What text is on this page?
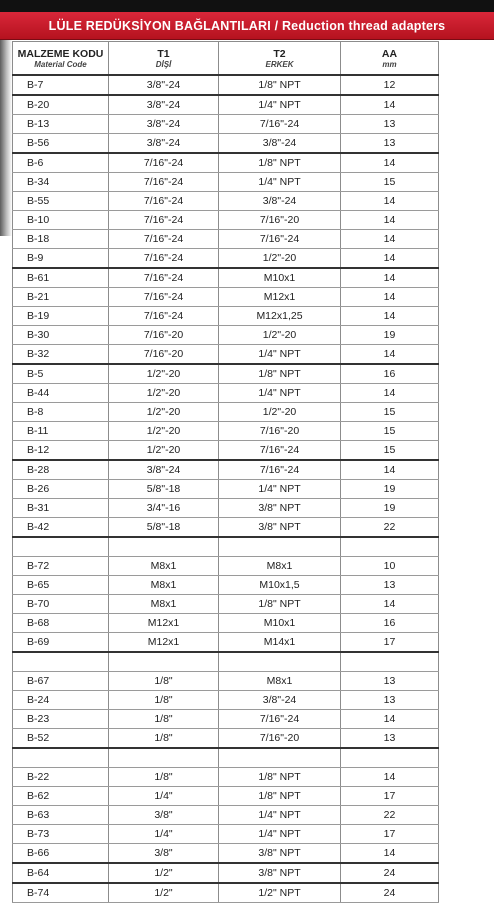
LÜLE REDÜKSİYON BAĞLANTILARI / Reduction thread adapters
MALZEME KODU	T1	T2	AA
Material Code	DİŞİ	ERKEK	mm
B-7	3/8"-24	1/8" NPT	12
B-20	3/8"-24	1/4" NPT	14
B-13	3/8"-24	7/16"-24	13
B-56	3/8"-24	3/8"-24	13
B-6	7/16"-24	1/8" NPT	14
B-34	7/16"-24	1/4" NPT	15
B-55	7/16"-24	3/8"-24	14
B-10	7/16"-24	7/16"-20	14
B-18	7/16"-24	7/16"-24	14
B-9	7/16"-24	1/2"-20	14
B-61	7/16"-24	M10x1	14
B-21	7/16"-24	M12x1	14
B-19	7/16"-24	M12x1,25	14
B-30	7/16"-20	1/2"-20	19
B-32	7/16"-20	1/4" NPT	14
B-5	1/2"-20	1/8" NPT	16
B-44	1/2"-20	1/4" NPT	14
B-8	1/2"-20	1/2"-20	15
B-11	1/2"-20	7/16"-20	15
B-12	1/2"-20	7/16"-24	15
B-28	3/8"-24	7/16"-24	14
B-26	5/8"-18	1/4" NPT	19
B-31	3/4"-16	3/8" NPT	19
B-42	5/8"-18	3/8" NPT	22

B-72	M8x1	M8x1	10
B-65	M8x1	M10x1,5	13
B-70	M8x1	1/8" NPT	14
B-68	M12x1	M10x1	16
B-69	M12x1	M14x1	17

B-67	1/8"	M8x1	13
B-24	1/8"	3/8"-24	13
B-23	1/8"	7/16"-24	14
B-52	1/8"	7/16"-20	13

B-22	1/8"	1/8" NPT	14
B-62	1/4"	1/8" NPT	17
B-63	3/8"	1/4" NPT	22
B-73	1/4"	1/4" NPT	17
B-66	3/8"	3/8" NPT	14
B-64	1/2"	3/8" NPT	24
B-74	1/2"	1/2" NPT	24
